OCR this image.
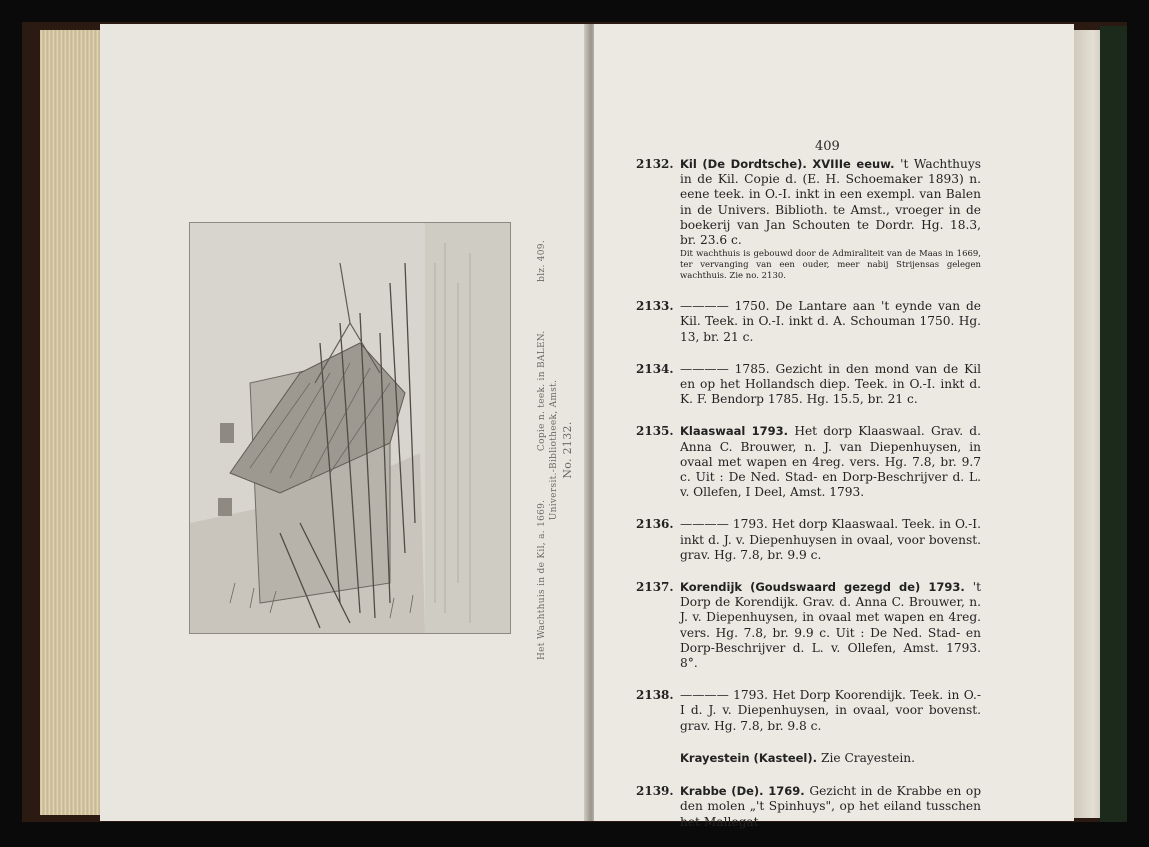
Het Wachthuis in de Kil, a. 1669.
Copie n. teek. in BALEN.
blz. 409.
Universit.-Bibliotheek, Amst. No. 2132.
409
2132. Kil (De Dordtsche). XVIIIe eeuw. 't Wachthuys in de Kil. Copie d. (E. H. Schoemaker 1893) n. eene teek. in O.-I. inkt in een exempl. van Balen in de Univers. Biblioth. te Amst., vroeger in de boekerij van Jan Schouten te Dordr. Hg. 18.3, br. 23.6 c.
Dit wachthuis is gebouwd door de Admiraliteit van de Maas in 1669, ter vervanging van een ouder, meer nabij Strijensas gelegen wachthuis. Zie no. 2130.
2133. ———— 1750. De Lantare aan 't eynde van de Kil. Teek. in O.-I. inkt d. A. Schouman 1750. Hg. 13, br. 21 c.
2134. ———— 1785. Gezicht in den mond van de Kil en op het Hollandsch diep. Teek. in O.-I. inkt d. K. F. Bendorp 1785. Hg. 15.5, br. 21 c.
2135. Klaaswaal 1793. Het dorp Klaaswaal. Grav. d. Anna C. Brouwer, n. J. van Diepenhuysen, in ovaal met wapen en 4reg. vers. Hg. 7.8, br. 9.7 c. Uit : De Ned. Stad- en Dorp-Beschrijver d. L. v. Ollefen, I Deel, Amst. 1793.
2136. ———— 1793. Het dorp Klaaswaal. Teek. in O.-I. inkt d. J. v. Diepenhuysen in ovaal, voor bovenst. grav. Hg. 7.8, br. 9.9 c.
2137. Korendijk (Goudswaard gezegd de) 1793. 't Dorp de Korendijk. Grav. d. Anna C. Brouwer, n. J. v. Diepenhuysen, in ovaal met wapen en 4reg. vers. Hg. 7.8, br. 9.9 c. Uit : De Ned. Stad- en Dorp-Beschrijver d. L. v. Ollefen, Amst. 1793. 8°.
2138. ———— 1793. Het Dorp Koorendijk. Teek. in O.-I d. J. v. Diepenhuysen, in ovaal, voor bovenst. grav. Hg. 7.8, br. 9.8 c.
Krayestein (Kasteel). Zie Crayestein.
2139. Krabbe (De). 1769. Gezicht in de Krabbe en op den molen „'t Spinhuys", op het eiland tusschen het Mallegat
